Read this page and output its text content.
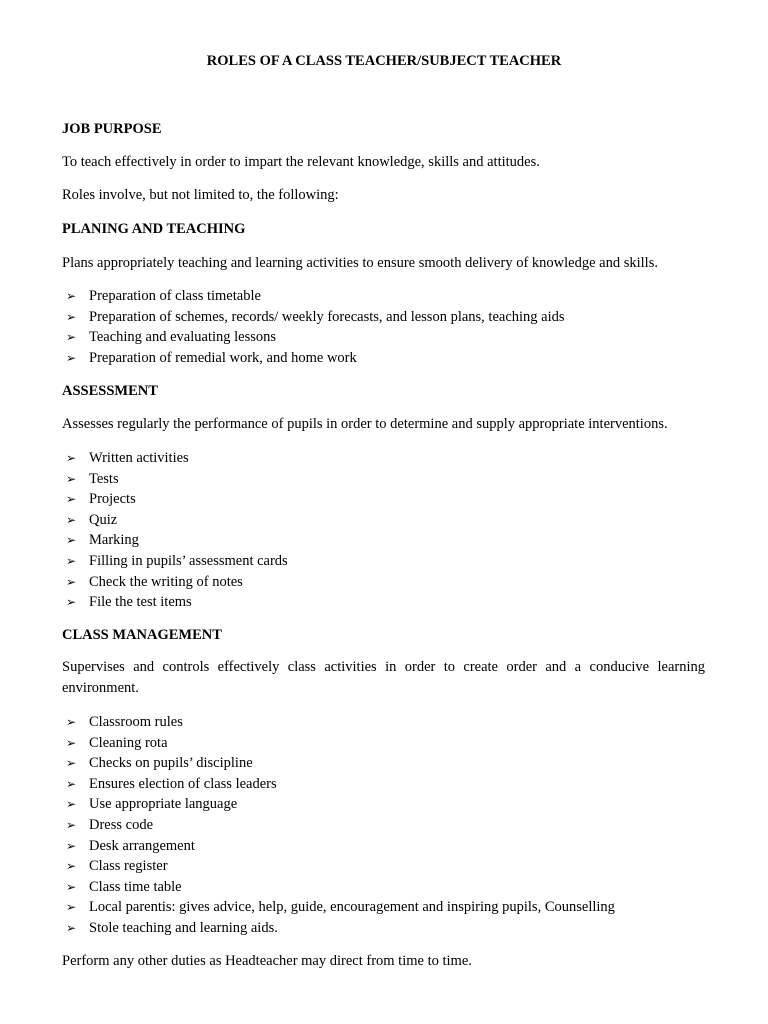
ROLES OF A CLASS TEACHER/SUBJECT TEACHER
JOB PURPOSE
To teach effectively in order to impart the relevant knowledge, skills and attitudes.
Roles involve, but not limited to, the following:
PLANING AND TEACHING
Plans appropriately teaching and learning activities to ensure smooth delivery of knowledge and skills.
➢ Preparation of class timetable
➢ Preparation of schemes, records/ weekly forecasts, and lesson plans, teaching aids
➢ Teaching and evaluating lessons
➢ Preparation of remedial work, and home work
ASSESSMENT
Assesses regularly the performance of pupils in order to determine and supply appropriate interventions.
➢ Written activities
➢ Tests
➢ Projects
➢ Quiz
➢ Marking
➢ Filling in pupils’ assessment cards
➢ Check the writing of notes
➢ File the test items
CLASS MANAGEMENT
Supervises and controls effectively class activities in order to create order and a conducive learning environment.
➢ Classroom rules
➢ Cleaning rota
➢ Checks on pupils’ discipline
➢ Ensures election of class leaders
➢ Use appropriate language
➢ Dress code
➢ Desk arrangement
➢ Class register
➢ Class time table
➢ Local parentis: gives advice, help, guide, encouragement and inspiring pupils, Counselling
➢ Stole teaching and learning aids.
Perform any other duties as Headteacher may direct from time to time.
